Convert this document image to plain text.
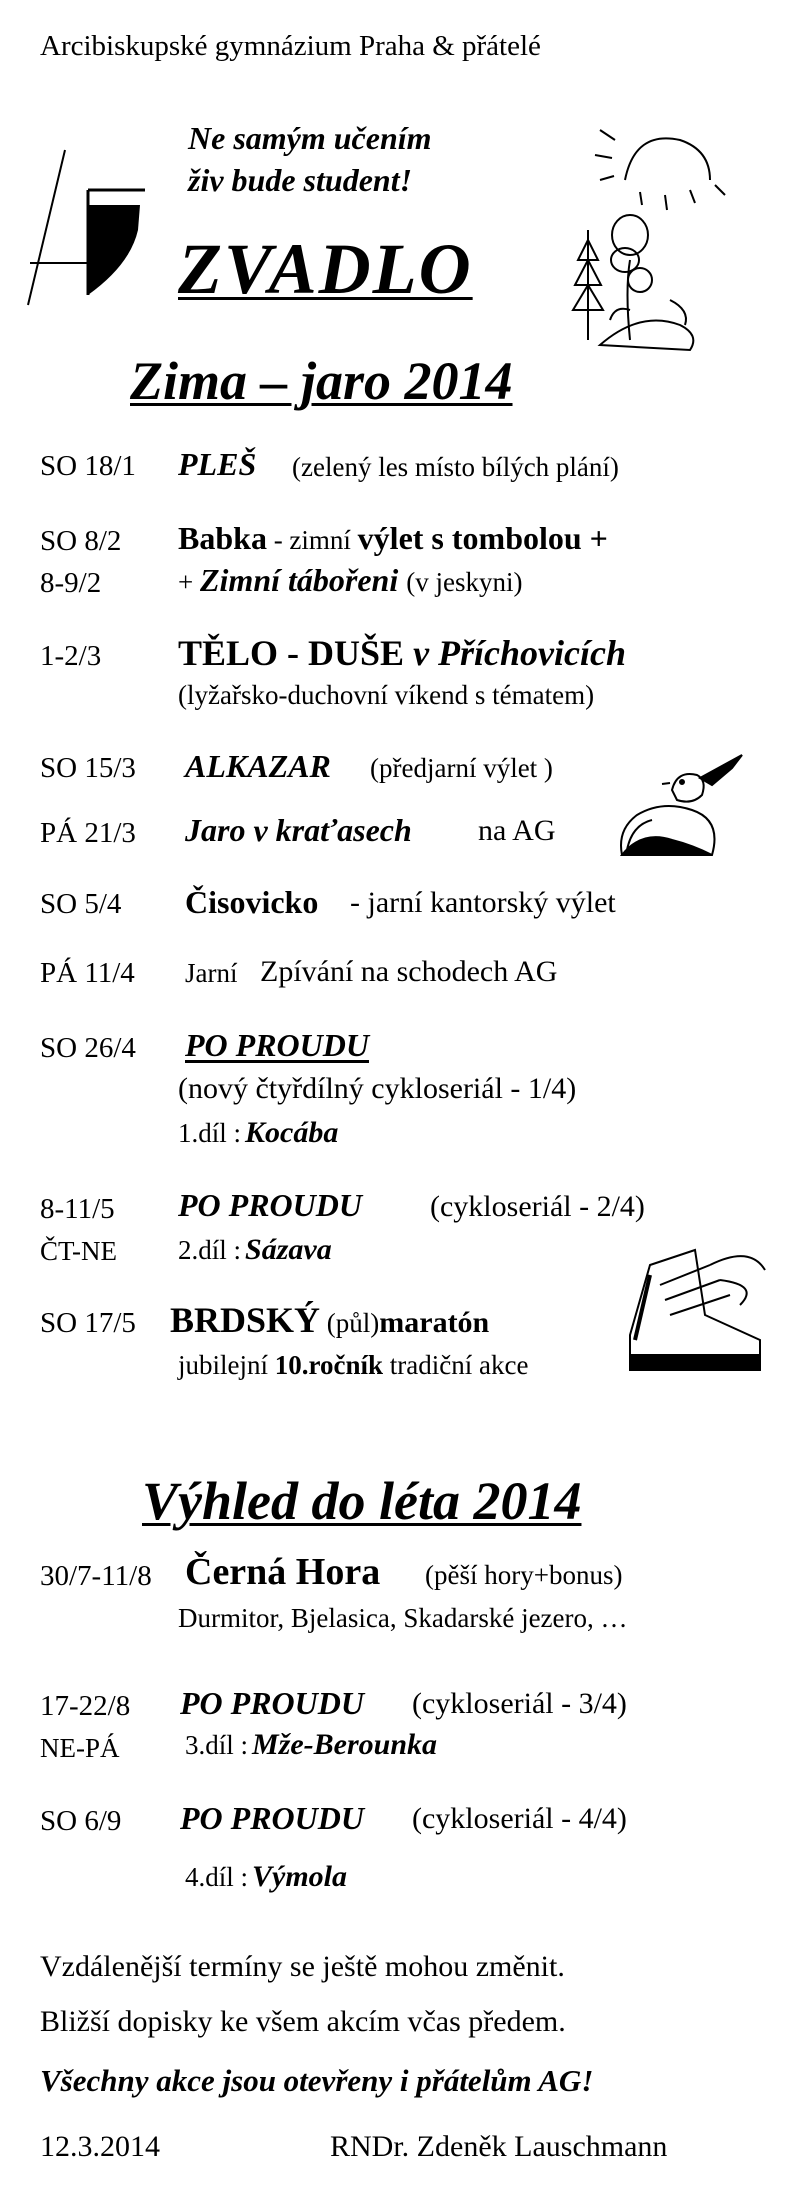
Arcibiskupské gymnázium Praha & přátelé
Ne samým učením
živ bude student!
ZVADLO
Zima – jaro 2014
SO 18/1 PLEŠ (zelený les místo bílých plání)
SO 8/2
8-9/2
Babka - zimní výlet s tombolou +
+ Zimní tábořeni (v jeskyni)
1-2/3 TĚLO - DUŠE v Příchovicích
(lyžařsko-duchovní víkend s tématem)
SO 15/3 ALKAZAR (předjarní výlet )
PÁ 21/3 Jaro v kraťasech na AG
SO 5/4 Čisovicko - jarní kantorský výlet
PÁ 11/4 Jarní Zpívání na schodech AG
SO 26/4 PO PROUDU
(nový čtyřdílný cykloseriál - 1/4)
1.díl : Kocába
8-11/5
ČT-NE
PO PROUDU (cykloseriál - 2/4)
2.díl : Sázava
SO 17/5 BRDSKÝ (půl)maratón
jubilejní 10.ročník tradiční akce
Výhled do léta 2014
30/7-11/8 Černá Hora (pěší hory+bonus)
Durmitor, Bjelasica, Skadarské jezero, …
17-22/8
NE-PÁ
PO PROUDU (cykloseriál - 3/4)
3.díl : Mže-Berounka
SO 6/9 PO PROUDU (cykloseriál - 4/4)
4.díl : Výmola
Vzdálenější termíny se ještě mohou změnit.
Bližší dopisky ke všem akcím včas předem.
Všechny akce jsou otevřeny i přátelům AG!
12.3.2014	RNDr. Zdeněk Lauschmann
